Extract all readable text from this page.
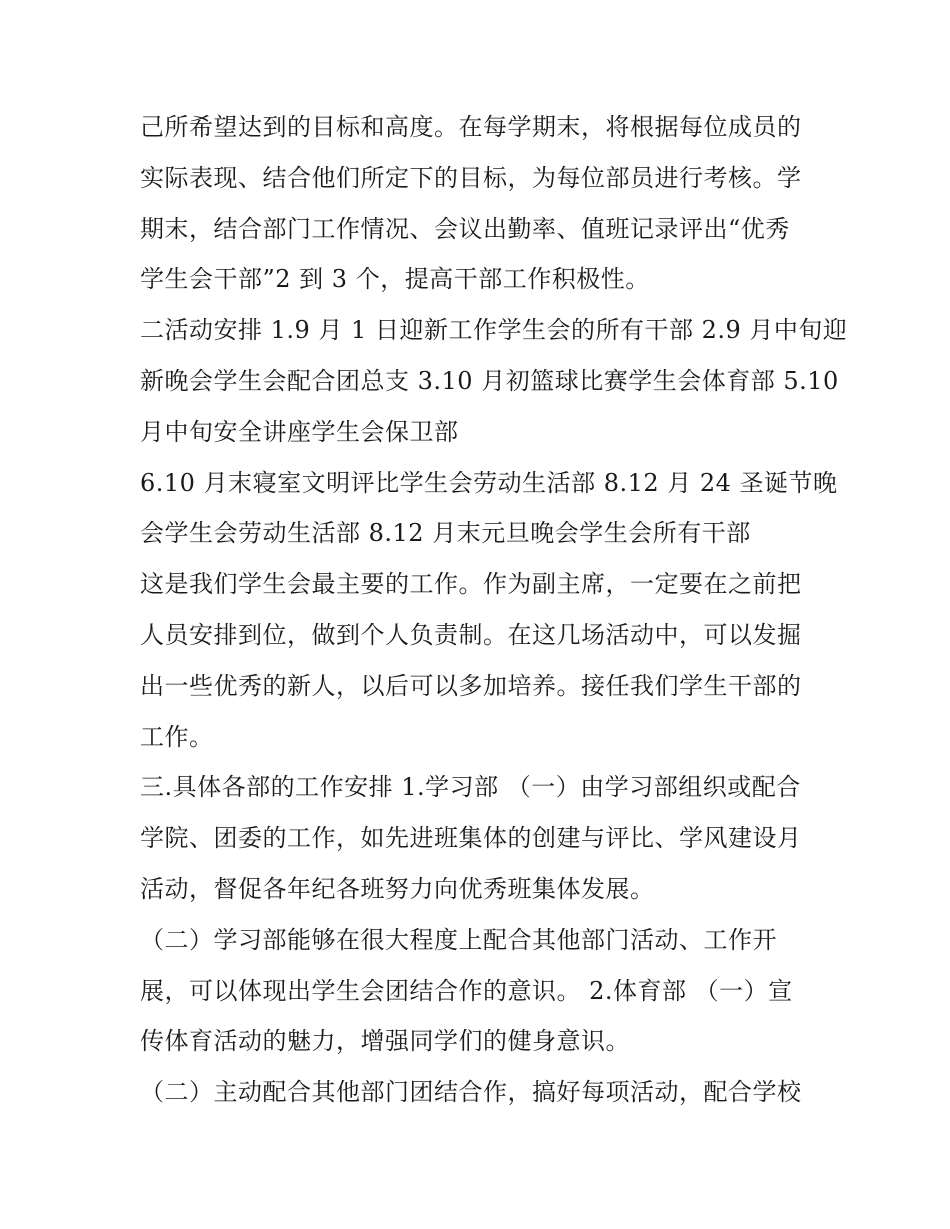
己所希望达到的目标和高度。在每学期末，将根据每位成员的
实际表现、结合他们所定下的目标，为每位部员进行考核。学
期末，结合部门工作情况、会议出勤率、值班记录评出“优秀
学生会干部”2 到 3 个，提高干部工作积极性。
二活动安排 1.9 月 1 日迎新工作学生会的所有干部 2.9 月中旬迎
新晚会学生会配合团总支 3.10 月初篮球比赛学生会体育部 5.10
月中旬安全讲座学生会保卫部
6.10 月末寝室文明评比学生会劳动生活部 8.12 月 24 圣诞节晚
会学生会劳动生活部 8.12 月末元旦晚会学生会所有干部
这是我们学生会最主要的工作。作为副主席，一定要在之前把
人员安排到位，做到个人负责制。在这几场活动中，可以发掘
出一些优秀的新人，以后可以多加培养。接任我们学生干部的
工作。
三.具体各部的工作安排 1.学习部 （一）由学习部组织或配合
学院、团委的工作，如先进班集体的创建与评比、学风建设月
活动，督促各年纪各班努力向优秀班集体发展。
（二）学习部能够在很大程度上配合其他部门活动、工作开
展，可以体现出学生会团结合作的意识。 2.体育部 （一）宣
传体育活动的魅力，增强同学们的健身意识。
（二）主动配合其他部门团结合作，搞好每项活动，配合学校
